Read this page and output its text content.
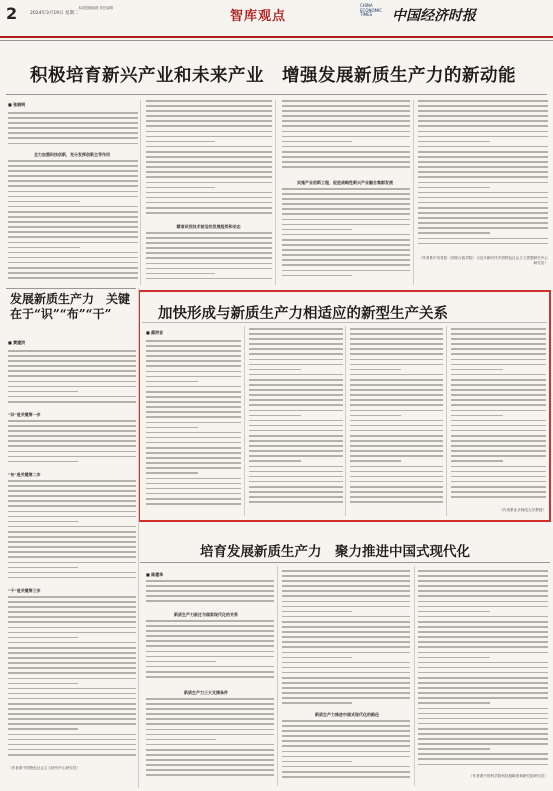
2	2024年3月19日 星期二
本版投稿邮箱 责任编辑
智库观点
CHINA ECONOMIC TIMES	中国经济时报
积极培育新兴产业和未来产业　增强发展新质生产力的新动能
■ 张晓明
全力加强科技创新，充分发挥创新主导作用
精准识别技术前沿的发展趋势和动态
实施产业创新工程，促进战略性新兴产业融合集群发展
（作者系中央党校（国家行政学院）习近平新时代中国特色社会主义思想研究中心研究员）
发展新质生产力　关键在于“识”“布”“干”
■ 黄建洪
“识”是关键第一步
“布”是关键第二步
“干”是关键第三步
（作者系中国特色社会主义研究中心研究员）
加快形成与新质生产力相适应的新型生产关系
■ 薛洪言
（作者系北京师范大学教授）
培育发展新质生产力　聚力推进中国式现代化
■ 陈建华
新质生产力跃迁与国家现代化的关系
新质生产力三大支撑条件
新质生产力推进中国式现代化的路径
（作者系中国科学院科技战略咨询研究院研究员）
